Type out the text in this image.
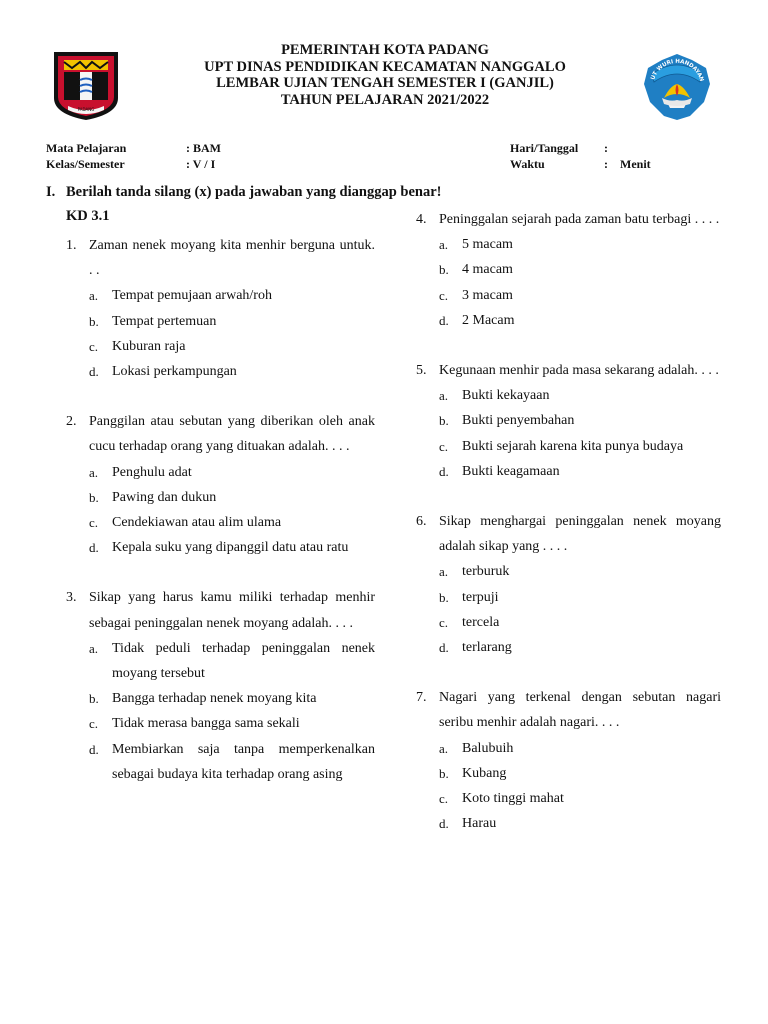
PADANG
UT WURI HANDAYAN
PEMERINTAH KOTA PADANG
UPT DINAS PENDIDIKAN KECAMATAN NANGGALO
LEMBAR UJIAN TENGAH SEMESTER I (GANJIL)
TAHUN PELAJARAN 2021/2022
Mata Pelajaran	: BAM
Kelas/Semester	: V / I
Hari/Tanggal	:
Waktu	:	Menit
I. Berilah tanda silang (x) pada jawaban yang dianggap benar!
KD 3.1
1. Zaman nenek moyang kita menhir berguna untuk. . .
a. Tempat pemujaan arwah/roh
b. Tempat pertemuan
c. Kuburan raja
d. Lokasi perkampungan
2. Panggilan atau sebutan yang diberikan oleh anak cucu terhadap orang yang dituakan adalah. . . .
a. Penghulu adat
b. Pawing dan dukun
c. Cendekiawan atau alim ulama
d. Kepala suku yang dipanggil datu atau ratu
3. Sikap yang harus kamu miliki terhadap menhir sebagai peninggalan nenek moyang adalah. . . .
a. Tidak peduli terhadap peninggalan nenek moyang tersebut
b. Bangga terhadap nenek moyang kita
c. Tidak merasa bangga sama sekali
d. Membiarkan saja tanpa memperkenalkan sebagai budaya kita terhadap orang asing
4. Peninggalan sejarah pada zaman batu terbagi . . . .
a. 5 macam
b. 4 macam
c. 3 macam
d. 2 Macam
5. Kegunaan menhir pada masa sekarang adalah. . . .
a. Bukti kekayaan
b. Bukti penyembahan
c. Bukti sejarah karena kita punya budaya
d. Bukti keagamaan
6. Sikap menghargai peninggalan nenek moyang adalah sikap yang . . . .
a. terburuk
b. terpuji
c. tercela
d. terlarang
7. Nagari yang terkenal dengan sebutan nagari seribu menhir adalah nagari. . . .
a. Balubuih
b. Kubang
c. Koto tinggi mahat
d. Harau
